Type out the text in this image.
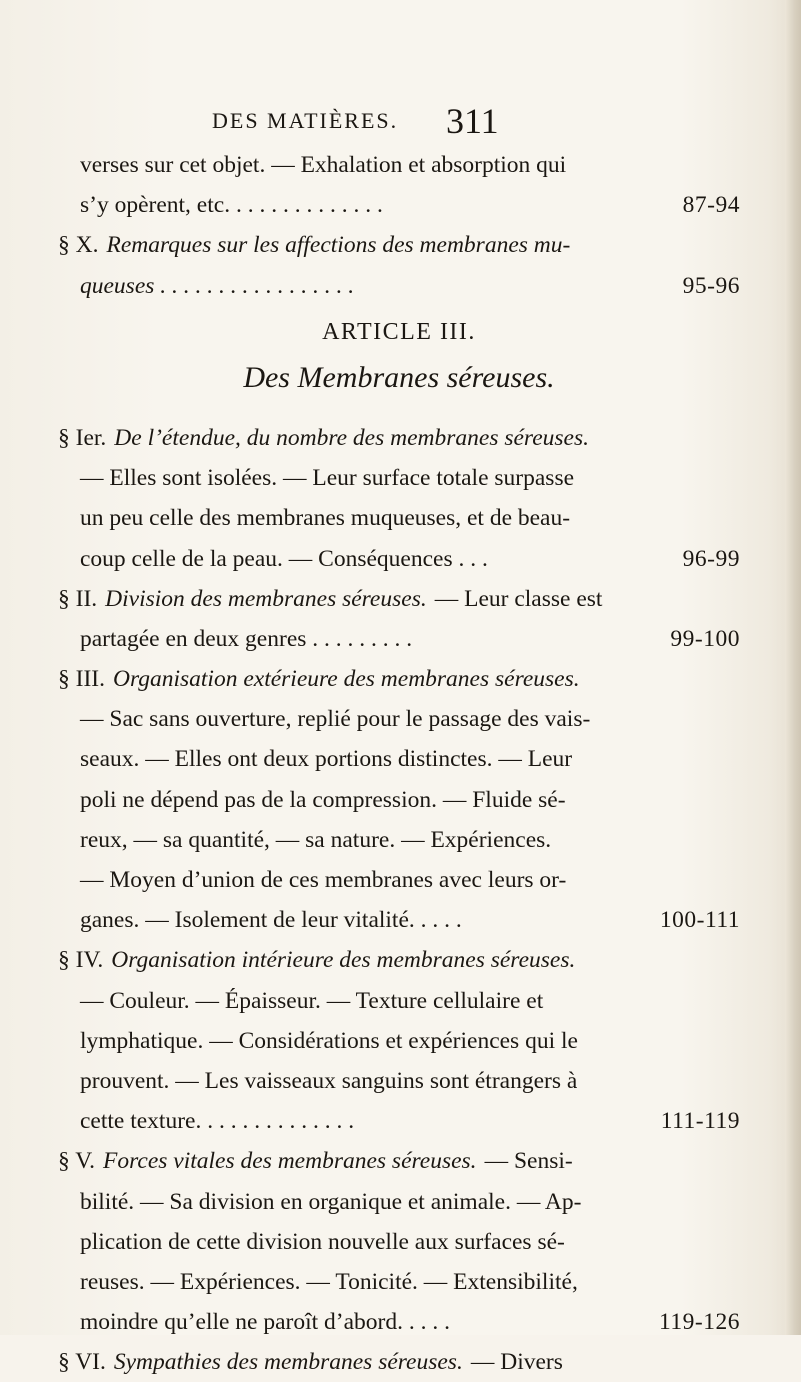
DES MATIÈRES. 311
verses sur cet objet. — Exhalation et absorption qui
s’y opèrent, etc. . . . . . . . . . . . . .	87-94
§ X. Remarques sur les affections des membranes mu-
queuses . . . . . . . . . . . . . . . . .	95-96
ARTICLE III.
Des Membranes séreuses.
§ Ier. De l’étendue, du nombre des membranes séreuses.
— Elles sont isolées. — Leur surface totale surpasse
un peu celle des membranes muqueuses, et de beau-
coup celle de la peau. — Conséquences . . .	96-99
§ II. Division des membranes séreuses. — Leur classe est
partagée en deux genres . . . . . . . . .	99-100
§ III. Organisation extérieure des membranes séreuses.
— Sac sans ouverture, replié pour le passage des vais-
seaux. — Elles ont deux portions distinctes. — Leur
poli ne dépend pas de la compression. — Fluide sé-
reux, — sa quantité, — sa nature. — Expériences.
— Moyen d’union de ces membranes avec leurs or-
ganes. — Isolement de leur vitalité. . . . .	100-111
§ IV. Organisation intérieure des membranes séreuses.
— Couleur. — Épaisseur. — Texture cellulaire et
lymphatique. — Considérations et expériences qui le
prouvent. — Les vaisseaux sanguins sont étrangers à
cette texture. . . . . . . . . . . . . .	111-119
§ V. Forces vitales des membranes séreuses. — Sensi-
bilité. — Sa division en organique et animale. — Ap-
plication de cette division nouvelle aux surfaces sé-
reuses. — Expériences. — Tonicité. — Extensibilité,
moindre qu’elle ne paroît d’abord. . . . .	119-126
§ VI. Sympathies des membranes séreuses. — Divers
